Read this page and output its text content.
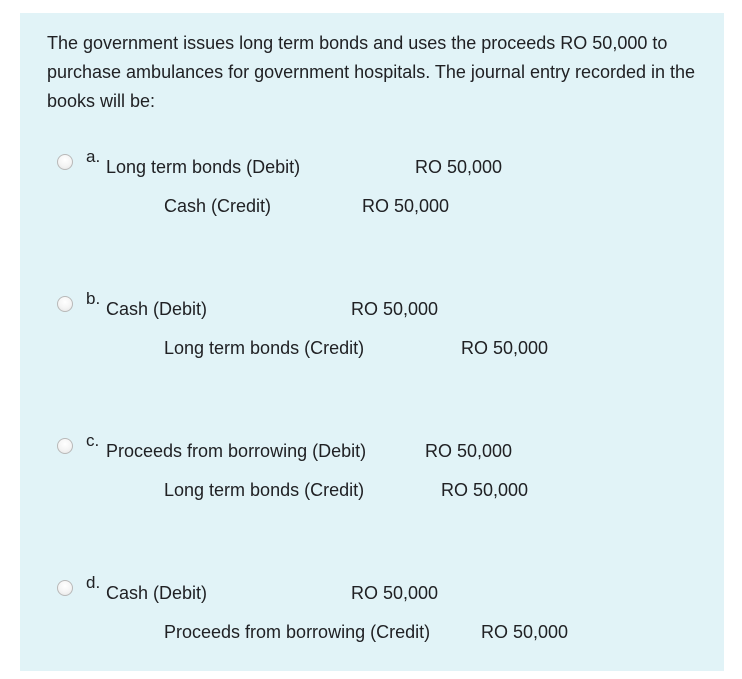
The government issues long term bonds and uses the proceeds RO 50,000 to purchase ambulances for government hospitals. The journal entry recorded in the books will be:
a.
Long term bonds (Debit)	RO 50,000
Cash (Credit)	RO 50,000
b.
Cash (Debit)	RO 50,000
Long term bonds (Credit)	RO 50,000
c.
Proceeds from borrowing (Debit)	RO 50,000
Long term bonds (Credit)	RO 50,000
d.
Cash (Debit)	RO 50,000
Proceeds from borrowing (Credit)	RO 50,000
